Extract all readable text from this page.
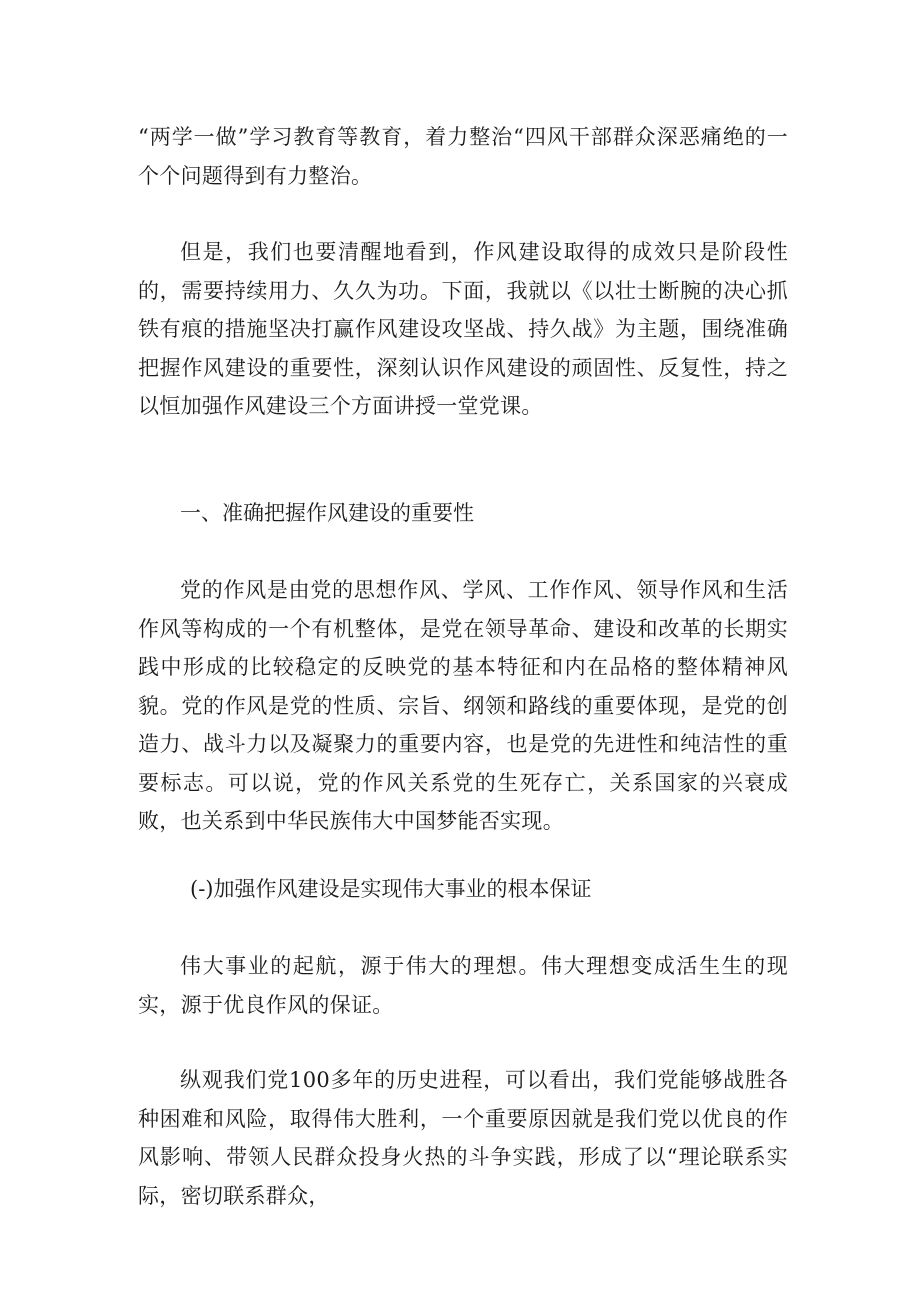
“两学一做”学习教育等教育，着力整治“四风干部群众深恶痛绝的一个个问题得到有力整治。

但是，我们也要清醒地看到，作风建设取得的成效只是阶段性的，需要持续用力、久久为功。下面，我就以《以壮士断腕的决心抓铁有痕的措施坚决打赢作风建设攻坚战、持久战》为主题，围绕准确把握作风建设的重要性，深刻认识作风建设的顽固性、反复性，持之以恒加强作风建设三个方面讲授一堂党课。

一、准确把握作风建设的重要性

党的作风是由党的思想作风、学风、工作作风、领导作风和生活作风等构成的一个有机整体，是党在领导革命、建设和改革的长期实践中形成的比较稳定的反映党的基本特征和内在品格的整体精神风貌。党的作风是党的性质、宗旨、纲领和路线的重要体现，是党的创造力、战斗力以及凝聚力的重要内容，也是党的先进性和纯洁性的重要标志。可以说，党的作风关系党的生死存亡，关系国家的兴衰成败，也关系到中华民族伟大中国梦能否实现。

(-)加强作风建设是实现伟大事业的根本保证

伟大事业的起航，源于伟大的理想。伟大理想变成活生生的现实，源于优良作风的保证。

纵观我们党100多年的历史进程，可以看出，我们党能够战胜各种困难和风险，取得伟大胜利，一个重要原因就是我们党以优良的作风影响、带领人民群众投身火热的斗争实践，形成了以“理论联系实际，密切联系群众，
